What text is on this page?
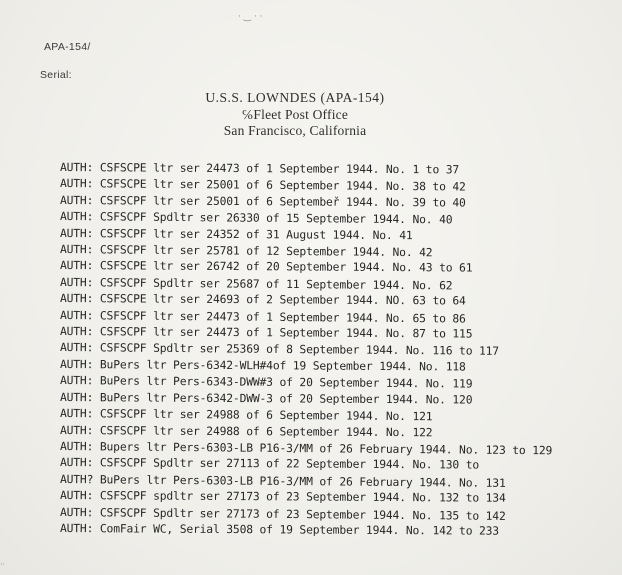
· ‿ · ·
APA-154/
Serial:
U.S.S. LOWNDES (APA-154)
℅Fleet Post Office
San Francisco, California
AUTH: CSFSCPE ltr ser 24473 of 1 September 1944. No. 1 to 37
AUTH: CSFSCPE ltr ser 25001 of 6 September 1944. No. 38 to 42
AUTH: CSFSCPF ltr ser 25001 of 6 Septembeř 1944. No. 39 to 40
AUTH: CSFSCPF Spdltr ser 26330 of 15 September 1944. No. 40
AUTH: CSFSCPF ltr ser 24352 of 31 August 1944. No. 41
AUTH: CSFSCPF ltr ser 25781 of 12 September 1944. No. 42
AUTH: CSFSCPE ltr ser 26742 of 20 September 1944. No. 43 to 61
AUTH: CSFSCPF Spdltr ser 25687 of 11 September 1944. No. 62
AUTH: CSFSCPE ltr ser 24693 of 2 September 1944. NO. 63 to 64
AUTH: CSFSCPF ltr ser 24473 of 1 September 1944. No. 65 to 86
AUTH: CSFSCPF ltr ser 24473 of 1 September 1944. No. 87 to 115
AUTH: CSFSCPF Spdltr ser 25369 of 8 September 1944. No. 116 to 117
AUTH: BuPers ltr Pers-6342-WLH#4of 19 September 1944. No. 118
AUTH: BuPers ltr Pers-6343-DWW#3 of 20 September 1944. No. 119
AUTH: BuPers ltr Pers-6342-DWW-3 of 20 September 1944. No. 120
AUTH: CSFSCPF ltr ser 24988 of 6 September 1944. No. 121
AUTH: CSFSCPF ltr ser 24988 of 6 September 1944. No. 122
AUTH: Bupers ltr Pers-6303-LB P16-3/MM of 26 February 1944. No. 123 to 129
AUTH: CSFSCPF Spdltr ser 27113 of 22 September 1944. No. 130 to
AUTH? BuPers ltr Pers-6303-LB P16-3/MM of 26 February 1944. No. 131
AUTH: CSFSCPF spdltr ser 27173 of 23 September 1944. No. 132 to 134
AUTH: CSFSCPF Spdltr ser 27173 of 23 September 1944. No. 135 to 142
AUTH: ComFair WC, Serial 3508 of 19 September 1944. No. 142 to 233
··
